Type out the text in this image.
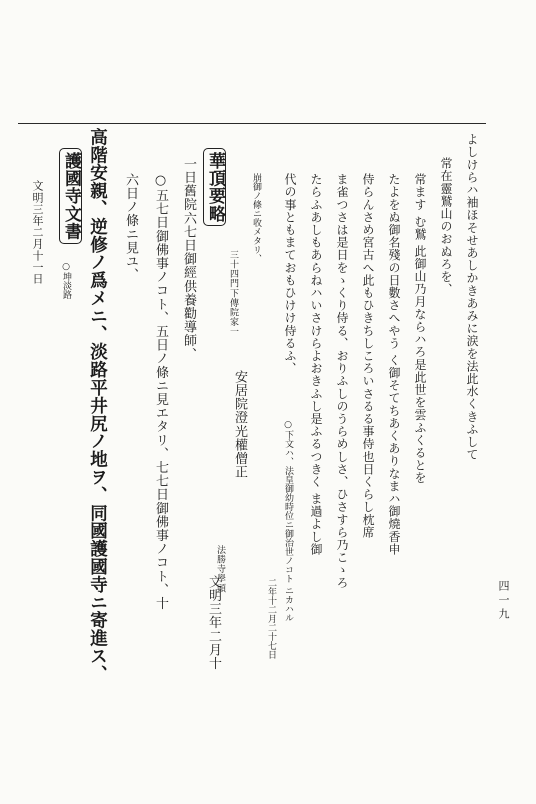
四一九
よしけらハ袖ほそせあしかきあみに涙を法此水くきふして
常在靈鷲山のおぬろを、
常ます む鷲 此御山乃月ならハろ是此世を雲ふくるとを
たよをぬ御名殘の日數さへやう く御そてちあくありなまハ御燒香申
侍らんさめ宮古へ此もひきちしころいさるる事侍也日くらし枕席
ま雀つさは是日をゝくり侍る、おりふしのうらめしさ、ひさすら乃こゝろ
たらふあしもあらねハいさけらよおきふし是ふるつきく ま過よし御
代の事ともまておもひけけ侍るふ、
○下文ハ、法皇御幼時位ニ御治世ノコト ニカハル
二年十二月二十七日
崩御ノ條ニ收メタリ、
華頂要略
三十四門下傳院家一
安居院澄光權僧正
法勝寺學頭
文明三年二月十
一日舊院六七日御經供養勸導師、
○五七日御佛事ノコト、五日ノ條ニ見エタリ、七七日御佛事ノコト、十
六日ノ條ニ見ユ、
高階安親、逆修ノ爲メニ、淡路平井尻ノ地ヲ、同國護國寺ニ寄進ス、
護國寺文書
○坤淡路
文明三年二月十一日
